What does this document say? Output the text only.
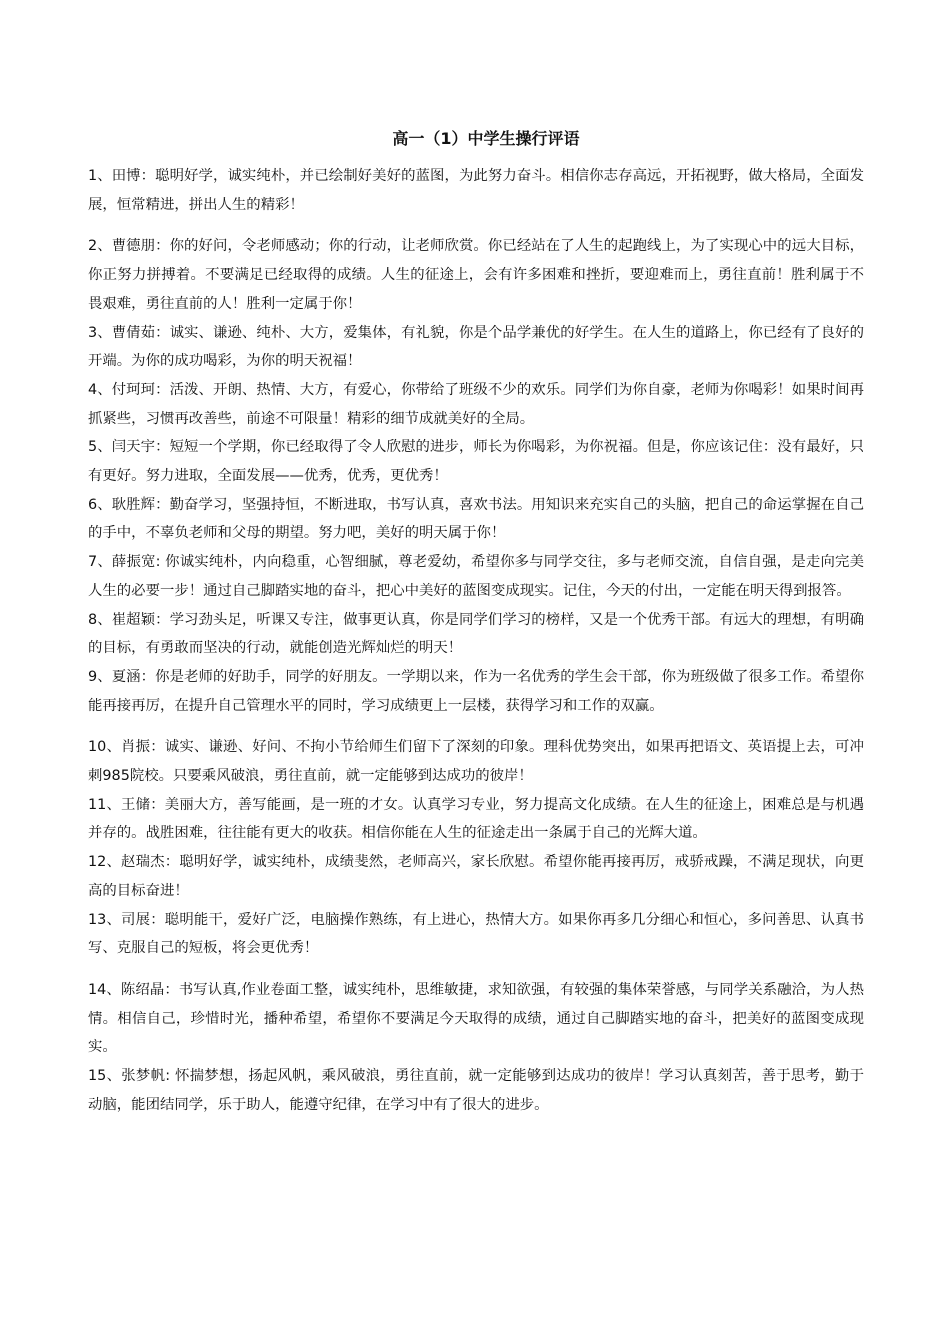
高一（1）中学生操行评语

1、田博：聪明好学，诚实纯朴，并已绘制好美好的蓝图，为此努力奋斗。相信你志存高远，开拓视野，做大格局，全面发展，恒常精进，拼出人生的精彩！

2、曹德朋：你的好问，令老师感动；你的行动，让老师欣赏。你已经站在了人生的起跑线上，为了实现心中的远大目标，你正努力拼搏着。不要满足已经取得的成绩。人生的征途上，会有许多困难和挫折，要迎难而上，勇往直前！胜利属于不畏艰难，勇往直前的人！胜利一定属于你！

3、曹倩茹：诚实、谦逊、纯朴、大方，爱集体，有礼貌，你是个品学兼优的好学生。在人生的道路上，你已经有了良好的开端。为你的成功喝彩，为你的明天祝福！

4、付珂珂：活泼、开朗、热情、大方，有爱心，你带给了班级不少的欢乐。同学们为你自豪，老师为你喝彩！如果时间再抓紧些，习惯再改善些，前途不可限量！精彩的细节成就美好的全局。

5、闫天宇：短短一个学期，你已经取得了令人欣慰的进步，师长为你喝彩，为你祝福。但是，你应该记住：没有最好，只有更好。努力进取，全面发展——优秀，优秀，更优秀！

6、耿胜辉：勤奋学习，坚强持恒，不断进取，书写认真，喜欢书法。用知识来充实自己的头脑，把自己的命运掌握在自己的手中，不辜负老师和父母的期望。努力吧，美好的明天属于你！

7、薛振宽: 你诚实纯朴，内向稳重，心智细腻，尊老爱幼，希望你多与同学交往，多与老师交流，自信自强，是走向完美人生的必要一步！通过自己脚踏实地的奋斗，把心中美好的蓝图变成现实。记住，今天的付出，一定能在明天得到报答。

8、崔超颖：学习劲头足，听课又专注，做事更认真，你是同学们学习的榜样，又是一个优秀干部。有远大的理想，有明确的目标，有勇敢而坚决的行动，就能创造光辉灿烂的明天！

9、夏涵：你是老师的好助手，同学的好朋友。一学期以来，作为一名优秀的学生会干部，你为班级做了很多工作。希望你能再接再厉，在提升自己管理水平的同时，学习成绩更上一层楼，获得学习和工作的双赢。

10、肖振：诚实、谦逊、好问、不拘小节给师生们留下了深刻的印象。理科优势突出，如果再把语文、英语提上去，可冲刺985院校。只要乘风破浪，勇往直前，就一定能够到达成功的彼岸！

11、王储：美丽大方，善写能画，是一班的才女。认真学习专业，努力提高文化成绩。在人生的征途上，困难总是与机遇并存的。战胜困难，往往能有更大的收获。相信你能在人生的征途走出一条属于自己的光辉大道。

12、赵瑞杰：聪明好学，诚实纯朴，成绩斐然，老师高兴，家长欣慰。希望你能再接再厉，戒骄戒躁，不满足现状，向更高的目标奋进！

13、司展：聪明能干，爱好广泛，电脑操作熟练，有上进心，热情大方。如果你再多几分细心和恒心，多问善思、认真书写、克服自己的短板，将会更优秀！

14、陈绍晶：书写认真,作业卷面工整，诚实纯朴，思维敏捷，求知欲强，有较强的集体荣誉感，与同学关系融洽，为人热情。相信自己，珍惜时光，播种希望，希望你不要满足今天取得的成绩，通过自己脚踏实地的奋斗，把美好的蓝图变成现实。

15、张梦帆: 怀揣梦想，扬起风帆，乘风破浪，勇往直前，就一定能够到达成功的彼岸！学习认真刻苦，善于思考，勤于动脑，能团结同学，乐于助人，能遵守纪律，在学习中有了很大的进步。
